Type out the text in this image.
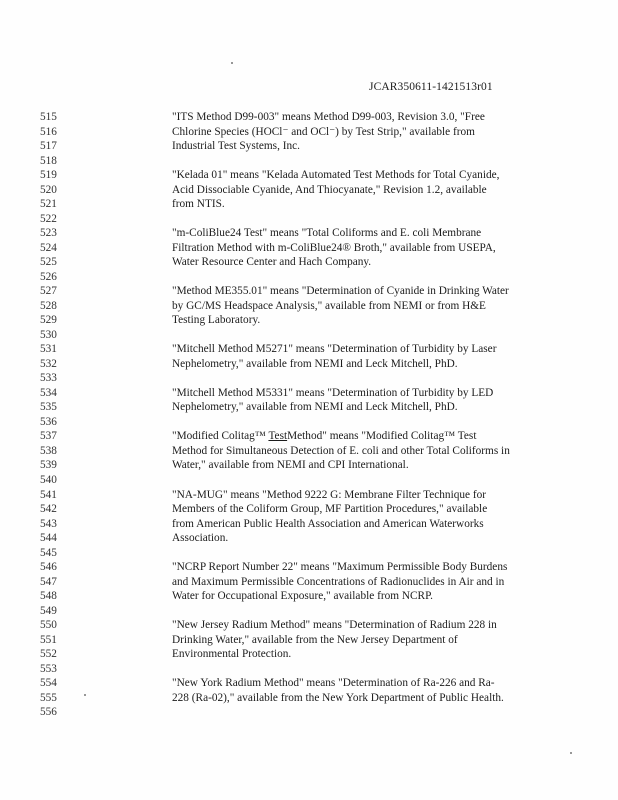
JCAR350611-1421513r01
515	"ITS Method D99-003" means Method D99-003, Revision 3.0, "Free
516	Chlorine Species (HOCl⁻ and OCl⁻) by Test Strip," available from
517	Industrial Test Systems, Inc.
518
519	"Kelada 01" means "Kelada Automated Test Methods for Total Cyanide,
520	Acid Dissociable Cyanide, And Thiocyanate," Revision 1.2, available
521	from NTIS.
522
523	"m-ColiBlue24 Test" means "Total Coliforms and E. coli Membrane
524	Filtration Method with m-ColiBlue24® Broth," available from USEPA,
525	Water Resource Center and Hach Company.
526
527	"Method ME355.01" means "Determination of Cyanide in Drinking Water
528	by GC/MS Headspace Analysis," available from NEMI or from H&E
529	Testing Laboratory.
530
531	"Mitchell Method M5271" means "Determination of Turbidity by Laser
532	Nephelometry," available from NEMI and Leck Mitchell, PhD.
533
534	"Mitchell Method M5331" means "Determination of Turbidity by LED
535	Nephelometry," available from NEMI and Leck Mitchell, PhD.
536
537	"Modified Colitag™ TestMethod" means "Modified Colitag™ Test
538	Method for Simultaneous Detection of E. coli and other Total Coliforms in
539	Water," available from NEMI and CPI International.
540
541	"NA-MUG" means "Method 9222 G: Membrane Filter Technique for
542	Members of the Coliform Group, MF Partition Procedures," available
543	from American Public Health Association and American Waterworks
544	Association.
545
546	"NCRP Report Number 22" means "Maximum Permissible Body Burdens
547	and Maximum Permissible Concentrations of Radionuclides in Air and in
548	Water for Occupational Exposure," available from NCRP.
549
550	"New Jersey Radium Method" means "Determination of Radium 228 in
551	Drinking Water," available from the New Jersey Department of
552	Environmental Protection.
553
554	"New York Radium Method" means "Determination of Ra-226 and Ra-
555	228 (Ra-02)," available from the New York Department of Public Health.
556
